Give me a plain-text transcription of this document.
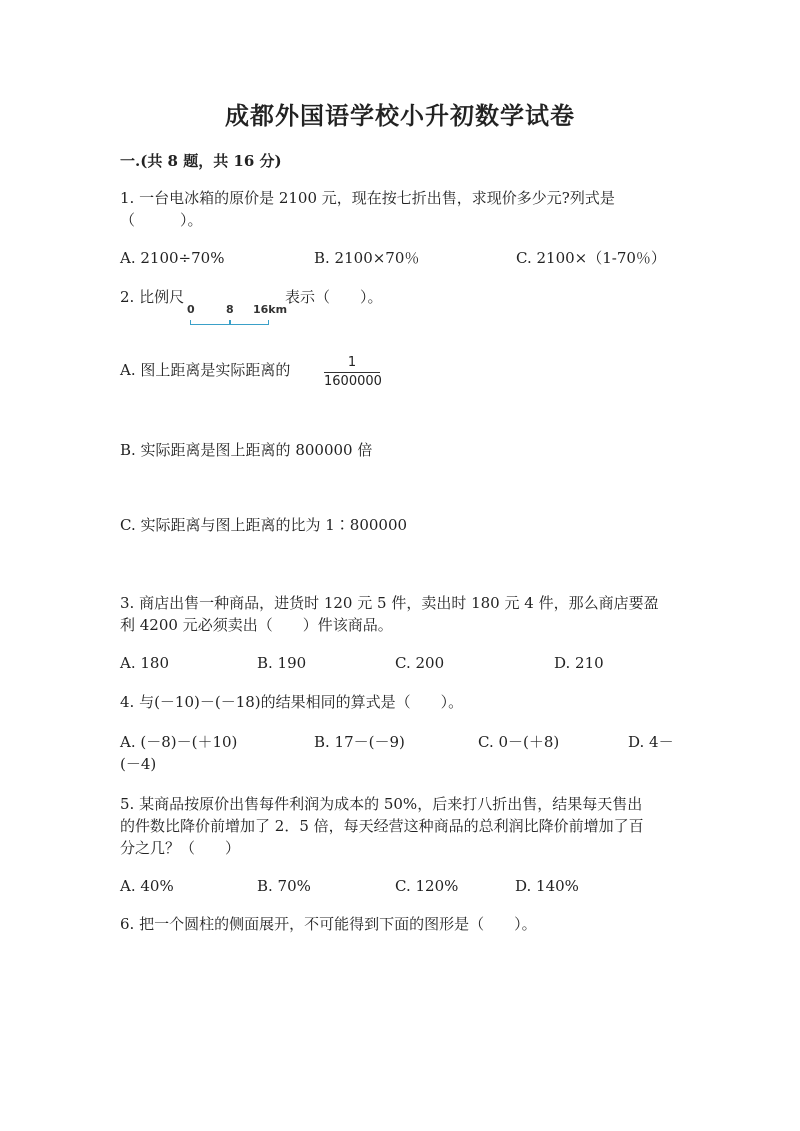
成都外国语学校小升初数学试卷
一.(共 8 题，共 16 分)
1. 一台电冰箱的原价是 2100 元，现在按七折出售，求现价多少元?列式是
（　　　）。
A. 2100÷70%	B. 2100×70％	C. 2100×（1-70％）
2. 比例尺
0	8 16km
表示（　　）。
A. 图上距离是实际距离的	1
1600000
B. 实际距离是图上距离的 800000 倍
C. 实际距离与图上距离的比为 1∶800000
3. 商店出售一种商品，进货时 120 元 5 件，卖出时 180 元 4 件，那么商店要盈
利 4200 元必须卖出（　　）件该商品。
A. 180	B. 190	C. 200	D. 210
4. 与(－10)－(－18)的结果相同的算式是（　　）。
A. (－8)－(＋10)	B. 17－(－9)	C. 0－(＋8)	D. 4－
(－4)
5. 某商品按原价出售每件利润为成本的 50%，后来打八折出售，结果每天售出
的件数比降价前增加了 2．5 倍，每天经营这种商品的总利润比降价前增加了百
分之几？（　　）
A. 40%	B. 70%	C. 120%	D. 140%
6. 把一个圆柱的侧面展开，不可能得到下面的图形是（　　）。
